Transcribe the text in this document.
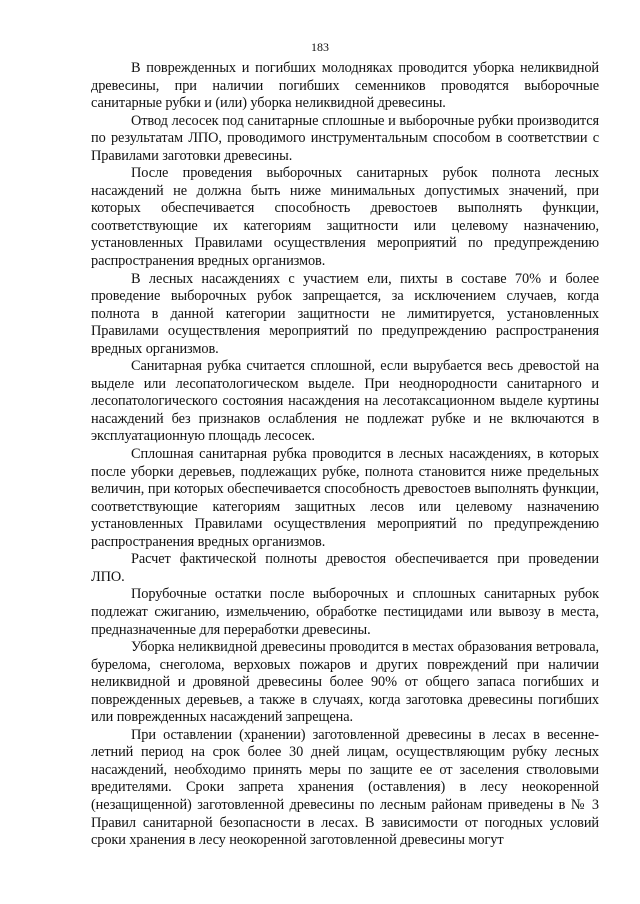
183

В поврежденных и погибших молодняках проводится уборка неликвидной древесины, при наличии погибших семенников проводятся выборочные санитарные рубки и (или) уборка неликвидной древесины.

Отвод лесосек под санитарные сплошные и выборочные рубки производится по результатам ЛПО, проводимого инструментальным способом в соответствии с Правилами заготовки древесины.

После проведения выборочных санитарных рубок полнота лесных насаждений не должна быть ниже минимальных допустимых значений, при которых обеспечивается способность древостоев выполнять функции, соответствующие их категориям защитности или целевому назначению, установленных Правилами осуществления мероприятий по предупреждению распространения вредных организмов.

В лесных насаждениях с участием ели, пихты в составе 70% и более проведение выборочных рубок запрещается, за исключением случаев, когда полнота в данной категории защитности не лимитируется, установленных Правилами осуществления мероприятий по предупреждению распространения вредных организмов.

Санитарная рубка считается сплошной, если вырубается весь древостой на выделе или лесопатологическом выделе. При неоднородности санитарного и лесопатологического состояния насаждения на лесотаксационном выделе куртины насаждений без признаков ослабления не подлежат рубке и не включаются в эксплуатационную площадь лесосек.

Сплошная санитарная рубка проводится в лесных насаждениях, в которых после уборки деревьев, подлежащих рубке, полнота становится ниже предельных величин, при которых обеспечивается способность древостоев выполнять функции, соответствующие категориям защитных лесов или целевому назначению установленных Правилами осуществления мероприятий по предупреждению распространения вредных организмов.

Расчет фактической полноты древостоя обеспечивается при проведении ЛПО.

Порубочные остатки после выборочных и сплошных санитарных рубок подлежат сжиганию, измельчению, обработке пестицидами или вывозу в места, предназначенные для переработки древесины.

Уборка неликвидной древесины проводится в местах образования ветровала, бурелома, снеголома, верховых пожаров и других повреждений при наличии неликвидной и дровяной древесины более 90% от общего запаса погибших и поврежденных деревьев, а также в случаях, когда заготовка древесины погибших или поврежденных насаждений запрещена.

При оставлении (хранении) заготовленной древесины в лесах в весенне-летний период на срок более 30 дней лицам, осуществляющим рубку лесных насаждений, необходимо принять меры по защите ее от заселения стволовыми вредителями. Сроки запрета хранения (оставления) в лесу неокоренной (незащищенной) заготовленной древесины по лесным районам приведены в № 3 Правил санитарной безопасности в лесах. В зависимости от погодных условий сроки хранения в лесу неокоренной заготовленной древесины могут
